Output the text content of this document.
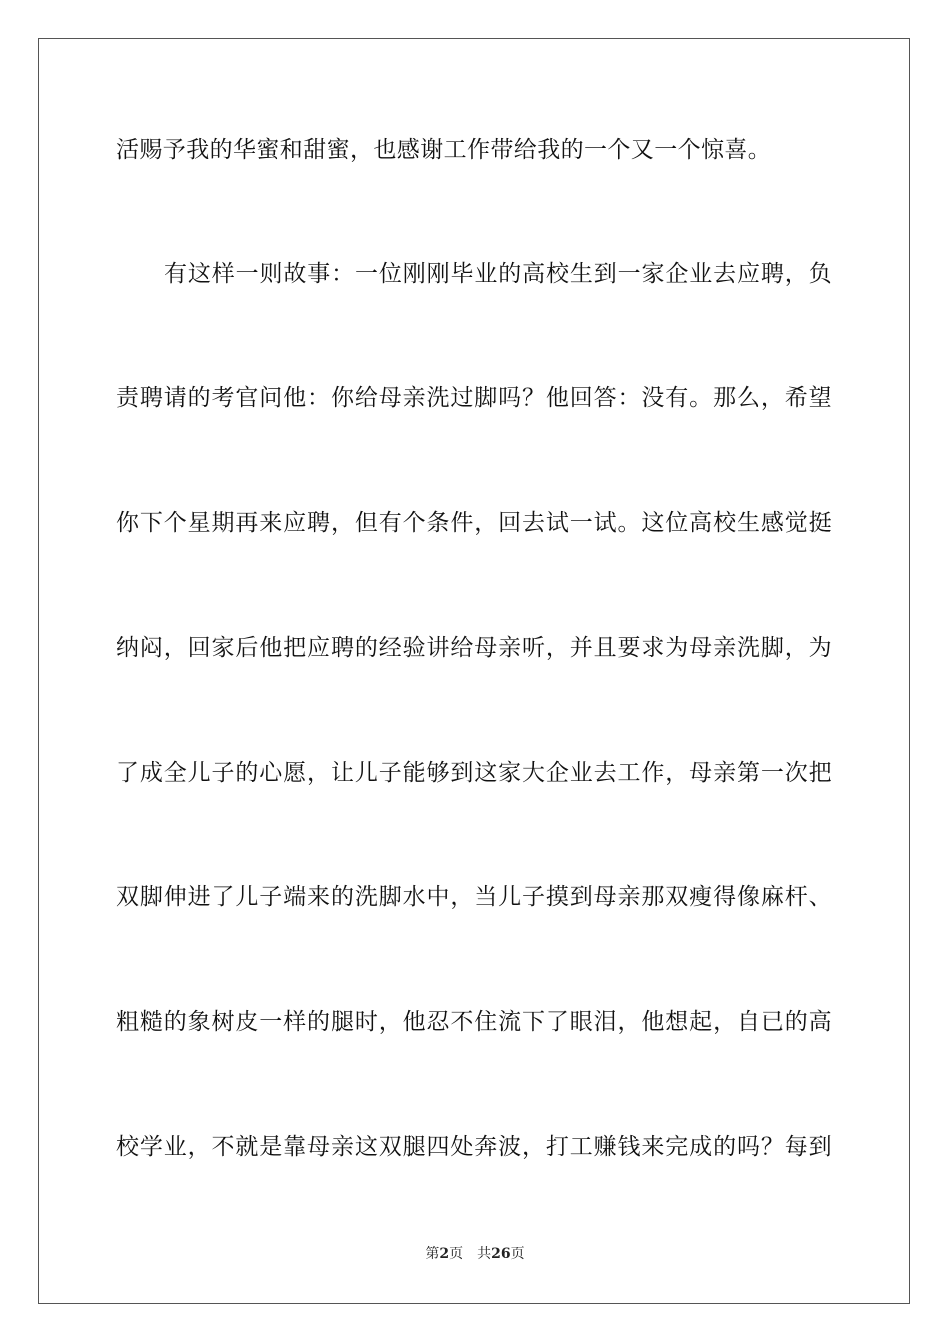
活赐予我的华蜜和甜蜜，也感谢工作带给我的一个又一个惊喜。
有这样一则故事：一位刚刚毕业的高校生到一家企业去应聘，负
责聘请的考官问他：你给母亲洗过脚吗？他回答：没有。那么，希望
你下个星期再来应聘，但有个条件，回去试一试。这位高校生感觉挺
纳闷，回家后他把应聘的经验讲给母亲听，并且要求为母亲洗脚，为
了成全儿子的心愿，让儿子能够到这家大企业去工作，母亲第一次把
双脚伸进了儿子端来的洗脚水中，当儿子摸到母亲那双瘦得像麻杆、
粗糙的象树皮一样的腿时，他忍不住流下了眼泪，他想起，自已的高
校学业，不就是靠母亲这双腿四处奔波，打工赚钱来完成的吗？每到
第2页 共26页
